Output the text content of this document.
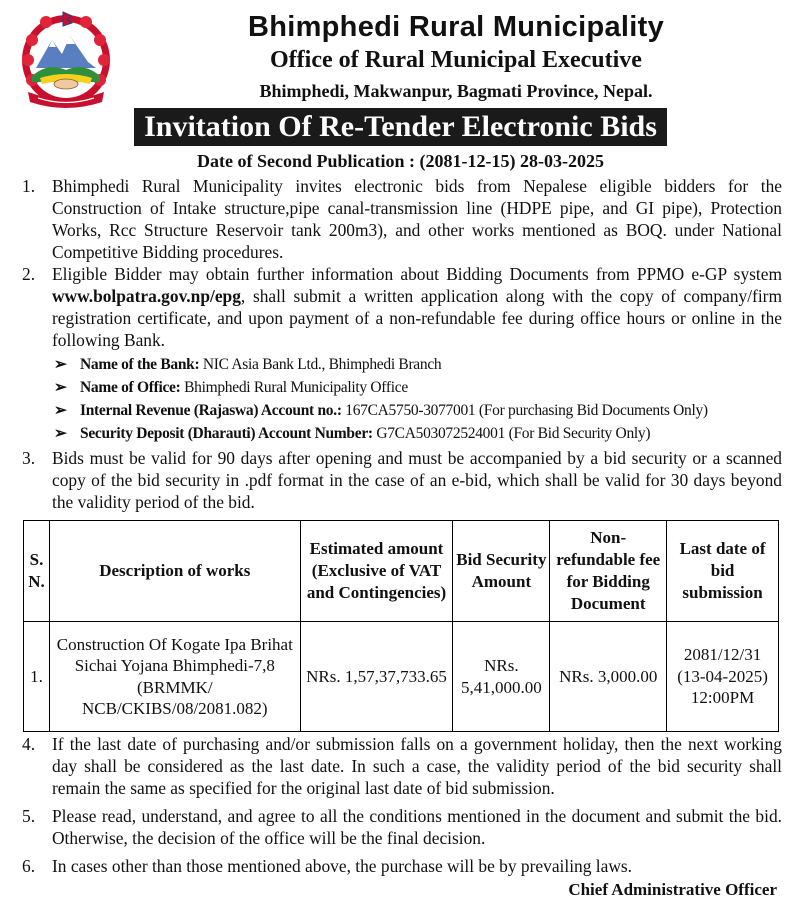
Bhimphedi Rural Municipality
Office of Rural Municipal Executive
Bhimphedi, Makwanpur, Bagmati Province, Nepal.
Invitation Of Re-Tender Electronic Bids
Date of Second Publication : (2081-12-15) 28-03-2025
1. Bhimphedi Rural Municipality invites electronic bids from Nepalese eligible bidders for the Construction of Intake structure,pipe canal-transmission line (HDPE pipe, and GI pipe), Protection Works, Rcc Structure Reservoir tank 200m3), and other works mentioned as BOQ. under National Competitive Bidding procedures.
2. Eligible Bidder may obtain further information about Bidding Documents from PPMO e-GP system www.bolpatra.gov.np/epg, shall submit a written application along with the copy of company/firm registration certificate, and upon payment of a non-refundable fee during office hours or online in the following Bank.
➢ Name of the Bank: NIC Asia Bank Ltd., Bhimphedi Branch
➢ Name of Office: Bhimphedi Rural Municipality Office
➢ Internal Revenue (Rajaswa) Account no.: 167CA5750-3077001 (For purchasing Bid Documents Only)
➢ Security Deposit (Dharauti) Account Number: G7CA503072524001 (For Bid Security Only)
3. Bids must be valid for 90 days after opening and must be accompanied by a bid security or a scanned copy of the bid security in .pdf format in the case of an e-bid, which shall be valid for 30 days beyond the validity period of the bid.
S. N.	Description of works	Estimated amount (Exclusive of VAT and Contingencies)	Bid Security Amount	Non-refundable fee for Bidding Document	Last date of bid submission
1.	Construction Of Kogate Ipa Brihat Sichai Yojana Bhimphedi-7,8 (BRMMK/ NCB/CKIBS/08/2081.082)	NRs. 1,57,37,733.65	NRs. 5,41,000.00	NRs. 3,000.00	2081/12/31 (13-04-2025) 12:00PM
4. If the last date of purchasing and/or submission falls on a government holiday, then the next working day shall be considered as the last date. In such a case, the validity period of the bid security shall remain the same as specified for the original last date of bid submission.
5. Please read, understand, and agree to all the conditions mentioned in the document and submit the bid. Otherwise, the decision of the office will be the final decision.
6. In cases other than those mentioned above, the purchase will be by prevailing laws.
Chief Administrative Officer
